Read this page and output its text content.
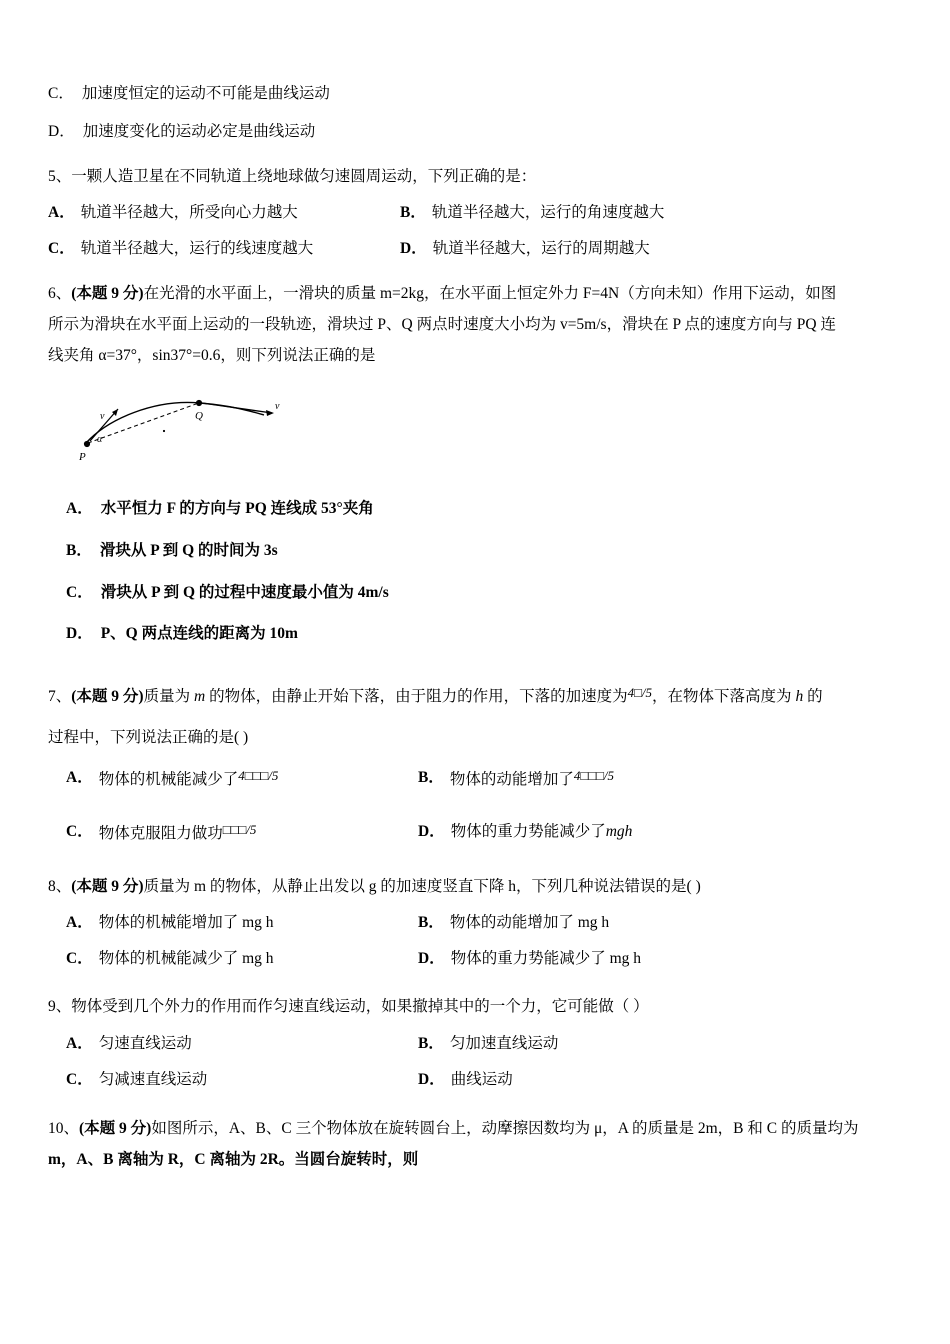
C． 加速度恒定的运动不可能是曲线运动
D． 加速度变化的运动必定是曲线运动
5、一颗人造卫星在不同轨道上绕地球做匀速圆周运动，下列正确的是：
A． 轨道半径越大，所受向心力越大	B． 轨道半径越大，运行的角速度越大
C． 轨道半径越大，运行的线速度越大	D． 轨道半径越大，运行的周期越大
6、(本题 9 分)在光滑的水平面上，一滑块的质量 m=2kg，在水平面上恒定外力 F=4N（方向未知）作用下运动，如图
所示为滑块在水平面上运动的一段轨迹，滑块过 P、Q 两点时速度大小均为 v=5m/s，滑块在 P 点的速度方向与 PQ 连
线夹角 α=37°，sin37°=0.6，则下列说法正确的是
P
Q
v
v
α
A． 水平恒力 F 的方向与 PQ 连线成 53°夹角
B． 滑块从 P 到 Q 的时间为 3s
C． 滑块从 P 到 Q 的过程中速度最小值为 4m/s
D． P、Q 两点连线的距离为 10m
7、(本题 9 分)质量为 m 的物体，由静止开始下落，由于阻力的作用，下落的加速度为$^{4□/5}$，在物体下落高度为 h 的
过程中，下列说法正确的是( )
A． 物体的机械能减少了$^{4□□□/5}$	B． 物体的动能增加了$^{4□□□/5}$
C． 物体克服阻力做功$^{□□□/5}$	D． 物体的重力势能减少了mgh
8、(本题 9 分)质量为 m 的物体，从静止出发以 g 的加速度竖直下降 h，下列几种说法错误的是( )
A． 物体的机械能增加了 mg h	B． 物体的动能增加了 mg h
C． 物体的机械能减少了 mg h	D． 物体的重力势能减少了 mg h
9、物体受到几个外力的作用而作匀速直线运动，如果撤掉其中的一个力，它可能做（ ）
A． 匀速直线运动	B． 匀加速直线运动
C． 匀减速直线运动	D． 曲线运动
10、(本题 9 分)如图所示，A、B、C 三个物体放在旋转圆台上，动摩擦因数均为 μ，A 的质量是 2m，B 和 C 的质量均为
m，A、B 离轴为 R，C 离轴为 2R。当圆台旋转时，则
